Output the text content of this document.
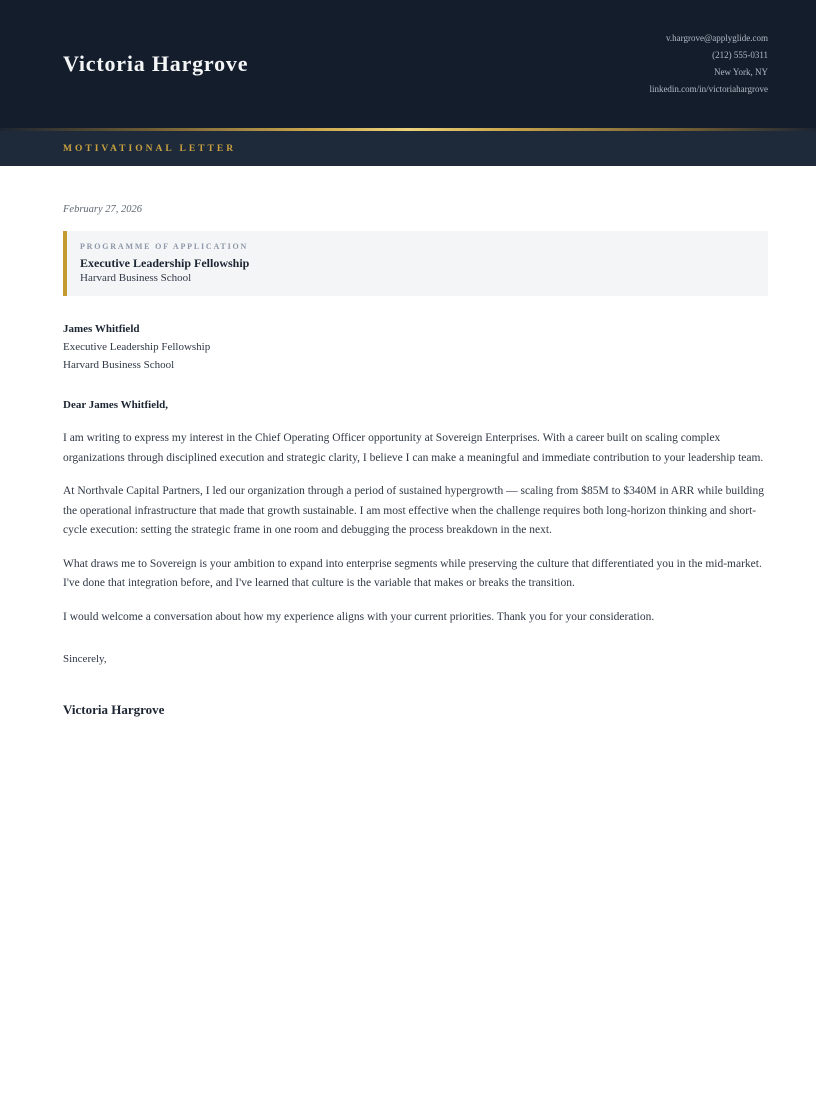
Victoria Hargrove
v.hargrove@applyglide.com
(212) 555-0311
New York, NY
linkedin.com/in/victoriahargrove
MOTIVATIONAL LETTER
February 27, 2026
PROGRAMME OF APPLICATION
Executive Leadership Fellowship
Harvard Business School
James Whitfield
Executive Leadership Fellowship
Harvard Business School
Dear James Whitfield,

I am writing to express my interest in the Chief Operating Officer opportunity at Sovereign Enterprises. With a career built on scaling complex organizations through disciplined execution and strategic clarity, I believe I can make a meaningful and immediate contribution to your leadership team.

At Northvale Capital Partners, I led our organization through a period of sustained hypergrowth — scaling from $85M to $340M in ARR while building the operational infrastructure that made that growth sustainable. I am most effective when the challenge requires both long-horizon thinking and short-cycle execution: setting the strategic frame in one room and debugging the process breakdown in the next.

What draws me to Sovereign is your ambition to expand into enterprise segments while preserving the culture that differentiated you in the mid-market. I've done that integration before, and I've learned that culture is the variable that makes or breaks the transition.

I would welcome a conversation about how my experience aligns with your current priorities. Thank you for your consideration.

Sincerely,
Victoria Hargrove
